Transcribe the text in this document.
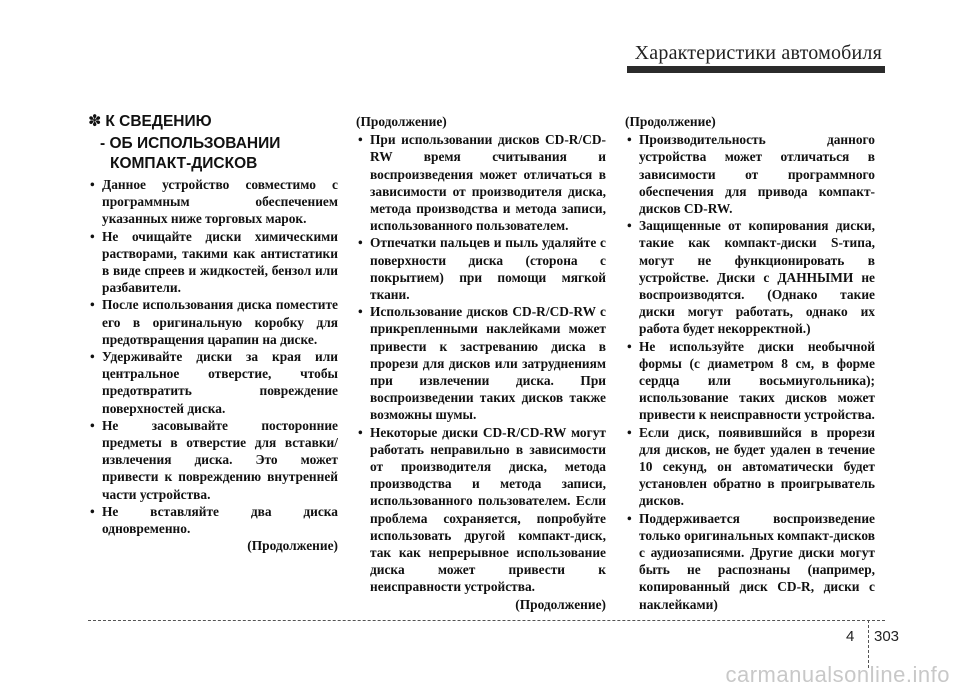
Характеристики автомобиля
✽ К СВЕДЕНИЮ
- ОБ ИСПОЛЬЗОВАНИИ
КОМПАКТ-ДИСКОВ

• Данное устройство совместимо с программным обеспечением указанных ниже торговых марок.

• Не очищайте диски химическими растворами, такими как антистатики в виде спреев и жидкостей, бензол или разбавители.

• После использования диска поместите его в оригинальную коробку для предотвращения царапин на диске.

• Удерживайте диски за края или центральное отверстие, чтобы предотвратить повреждение поверхностей диска.

• Не засовывайте посторонние предметы в отверстие для вставки/извлечения диска. Это может привести к повреждению внутренней части устройства.

• Не вставляйте два диска одновременно.

(Продолжение)
(Продолжение)

• При использовании дисков CD-R/CD-RW время считывания и воспроизведения может отличаться в зависимости от производителя диска, метода производства и метода записи, использованного пользователем.

• Отпечатки пальцев и пыль удаляйте с поверхности диска (сторона с покрытием) при помощи мягкой ткани.

• Использование дисков CD-R/CD-RW с прикрепленными наклейками может привести к застреванию диска в прорези для дисков или затруднениям при извлечении диска. При воспроизведении таких дисков также возможны шумы.

• Некоторые диски CD-R/CD-RW могут работать неправильно в зависимости от производителя диска, метода производства и метода записи, использованного пользователем. Если проблема сохраняется, попробуйте использовать другой компакт-диск, так как непрерывное использование диска может привести к неисправности устройства.

(Продолжение)
(Продолжение)

• Производительность данного устройства может отличаться в зависимости от программного обеспечения для привода компакт-дисков CD-RW.

• Защищенные от копирования диски, такие как компакт-диски S-типа, могут не функционировать в устройстве. Диски с ДАННЫМИ не воспроизводятся. (Однако такие диски могут работать, однако их работа будет некорректной.)

• Не используйте диски необычной формы (с диаметром 8 см, в форме сердца или восьмиугольника); использование таких дисков может привести к неисправности устройства.

• Если диск, появившийся в прорези для дисков, не будет удален в течение 10 секунд, он автоматически будет установлен обратно в проигрыватель дисков.

• Поддерживается воспроизведение только оригинальных компакт-дисков с аудиозаписями. Другие диски могут быть не распознаны (например, копированный диск CD-R, диски с наклейками)

4 303
carmanualsonline.info
